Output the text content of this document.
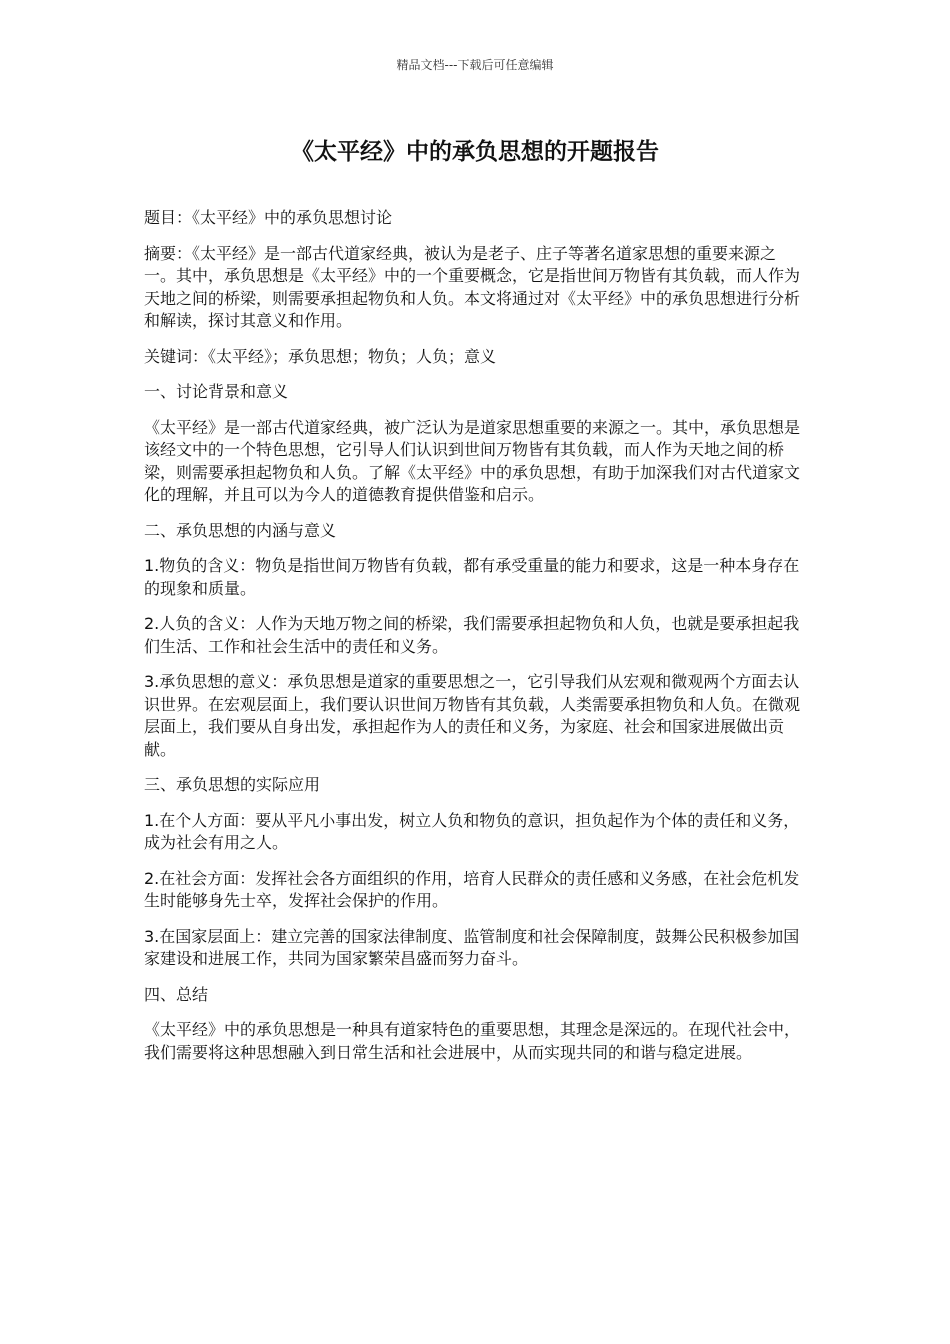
精品文档---下载后可任意编辑
《太平经》中的承负思想的开题报告

题目：《太平经》中的承负思想讨论

摘要：《太平经》是一部古代道家经典，被认为是老子、庄子等著名道家思想的重要来源之一。其中，承负思想是《太平经》中的一个重要概念，它是指世间万物皆有其负载，而人作为天地之间的桥梁，则需要承担起物负和人负。本文将通过对《太平经》中的承负思想进行分析和解读，探讨其意义和作用。

关键词：《太平经》；承负思想；物负；人负；意义

一、讨论背景和意义

《太平经》是一部古代道家经典，被广泛认为是道家思想重要的来源之一。其中，承负思想是该经文中的一个特色思想，它引导人们认识到世间万物皆有其负载，而人作为天地之间的桥梁，则需要承担起物负和人负。了解《太平经》中的承负思想，有助于加深我们对古代道家文化的理解，并且可以为今人的道德教育提供借鉴和启示。

二、承负思想的内涵与意义

1.物负的含义：物负是指世间万物皆有负载，都有承受重量的能力和要求，这是一种本身存在的现象和质量。

2.人负的含义：人作为天地万物之间的桥梁，我们需要承担起物负和人负，也就是要承担起我们生活、工作和社会生活中的责任和义务。

3.承负思想的意义：承负思想是道家的重要思想之一，它引导我们从宏观和微观两个方面去认识世界。在宏观层面上，我们要认识世间万物皆有其负载，人类需要承担物负和人负。在微观层面上，我们要从自身出发，承担起作为人的责任和义务，为家庭、社会和国家进展做出贡献。

三、承负思想的实际应用

1.在个人方面：要从平凡小事出发，树立人负和物负的意识，担负起作为个体的责任和义务，成为社会有用之人。

2.在社会方面：发挥社会各方面组织的作用，培育人民群众的责任感和义务感，在社会危机发生时能够身先士卒，发挥社会保护的作用。

3.在国家层面上：建立完善的国家法律制度、监管制度和社会保障制度，鼓舞公民积极参加国家建设和进展工作，共同为国家繁荣昌盛而努力奋斗。

四、总结

《太平经》中的承负思想是一种具有道家特色的重要思想，其理念是深远的。在现代社会中，我们需要将这种思想融入到日常生活和社会进展中，从而实现共同的和谐与稳定进展。
